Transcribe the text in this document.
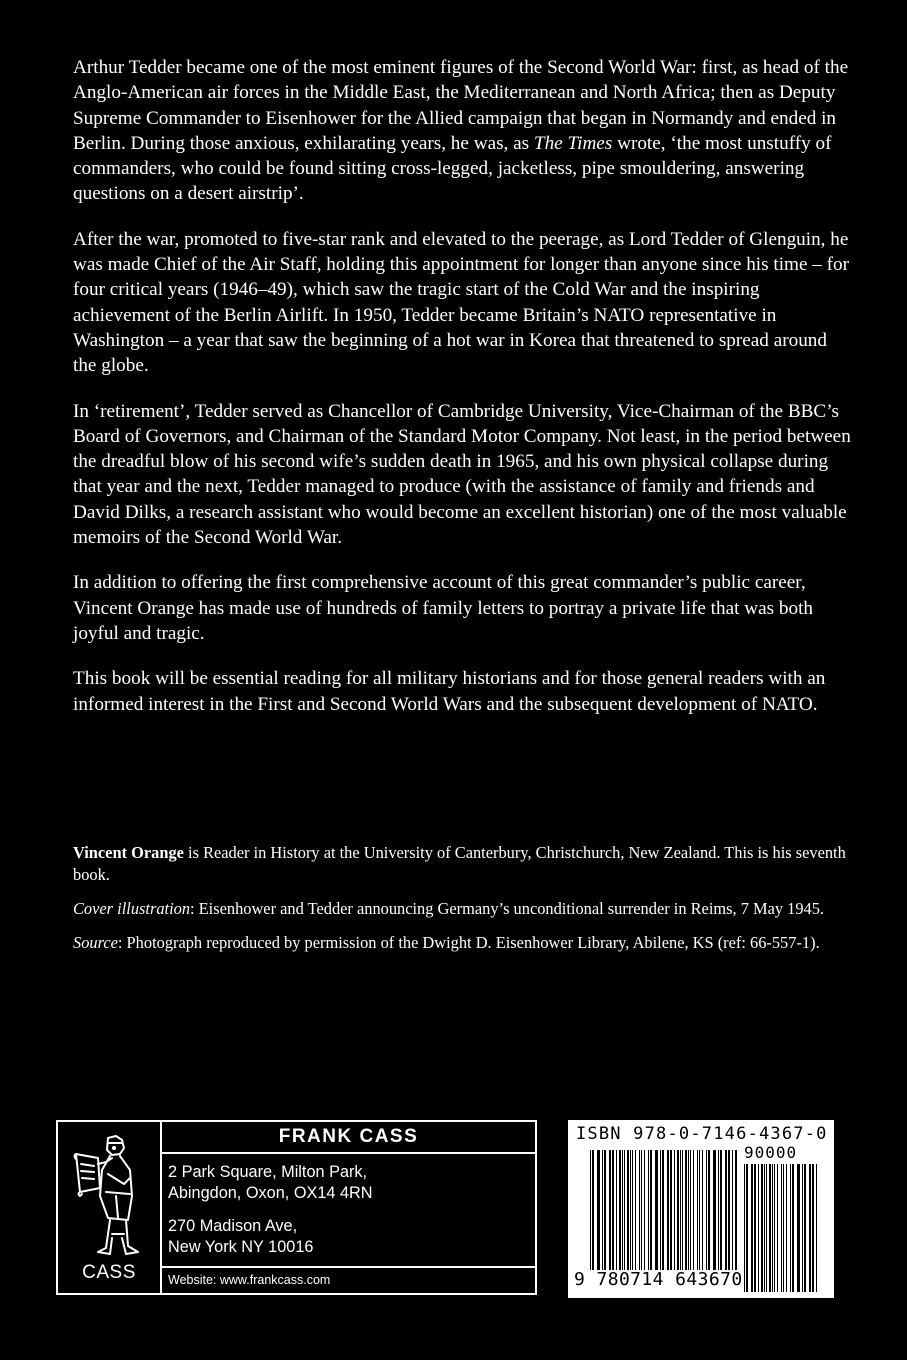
Arthur Tedder became one of the most eminent figures of the Second World War: first, as head of the Anglo-American air forces in the Middle East, the Mediterranean and North Africa; then as Deputy Supreme Commander to Eisenhower for the Allied campaign that began in Normandy and ended in Berlin. During those anxious, exhilarating years, he was, as The Times wrote, ‘the most unstuffy of commanders, who could be found sitting cross-legged, jacketless, pipe smouldering, answering questions on a desert airstrip’.

After the war, promoted to five-star rank and elevated to the peerage, as Lord Tedder of Glenguin, he was made Chief of the Air Staff, holding this appointment for longer than anyone since his time – for four critical years (1946–49), which saw the tragic start of the Cold War and the inspiring achievement of the Berlin Airlift. In 1950, Tedder became Britain’s NATO representative in Washington – a year that saw the beginning of a hot war in Korea that threatened to spread around the globe.

In ‘retirement’, Tedder served as Chancellor of Cambridge University, Vice-Chairman of the BBC’s Board of Governors, and Chairman of the Standard Motor Company. Not least, in the period between the dreadful blow of his second wife’s sudden death in 1965, and his own physical collapse during that year and the next, Tedder managed to produce (with the assistance of family and friends and David Dilks, a research assistant who would become an excellent historian) one of the most valuable memoirs of the Second World War.

In addition to offering the first comprehensive account of this great commander’s public career, Vincent Orange has made use of hundreds of family letters to portray a private life that was both joyful and tragic.

This book will be essential reading for all military historians and for those general readers with an informed interest in the First and Second World Wars and the subsequent development of NATO.

Vincent Orange is Reader in History at the University of Canterbury, Christchurch, New Zealand. This is his seventh book.

Cover illustration: Eisenhower and Tedder announcing Germany’s unconditional surrender in Reims, 7 May 1945.

Source: Photograph reproduced by permission of the Dwight D. Eisenhower Library, Abilene, KS (ref: 66-557-1).

CASS
FRANK CASS
2 Park Square, Milton Park,
Abingdon, Oxon, OX14 4RN
270 Madison Ave,
New York NY 10016
Website: www.frankcass.com
ISBN 978-0-7146-4367-0
90000
9 780714 643670
